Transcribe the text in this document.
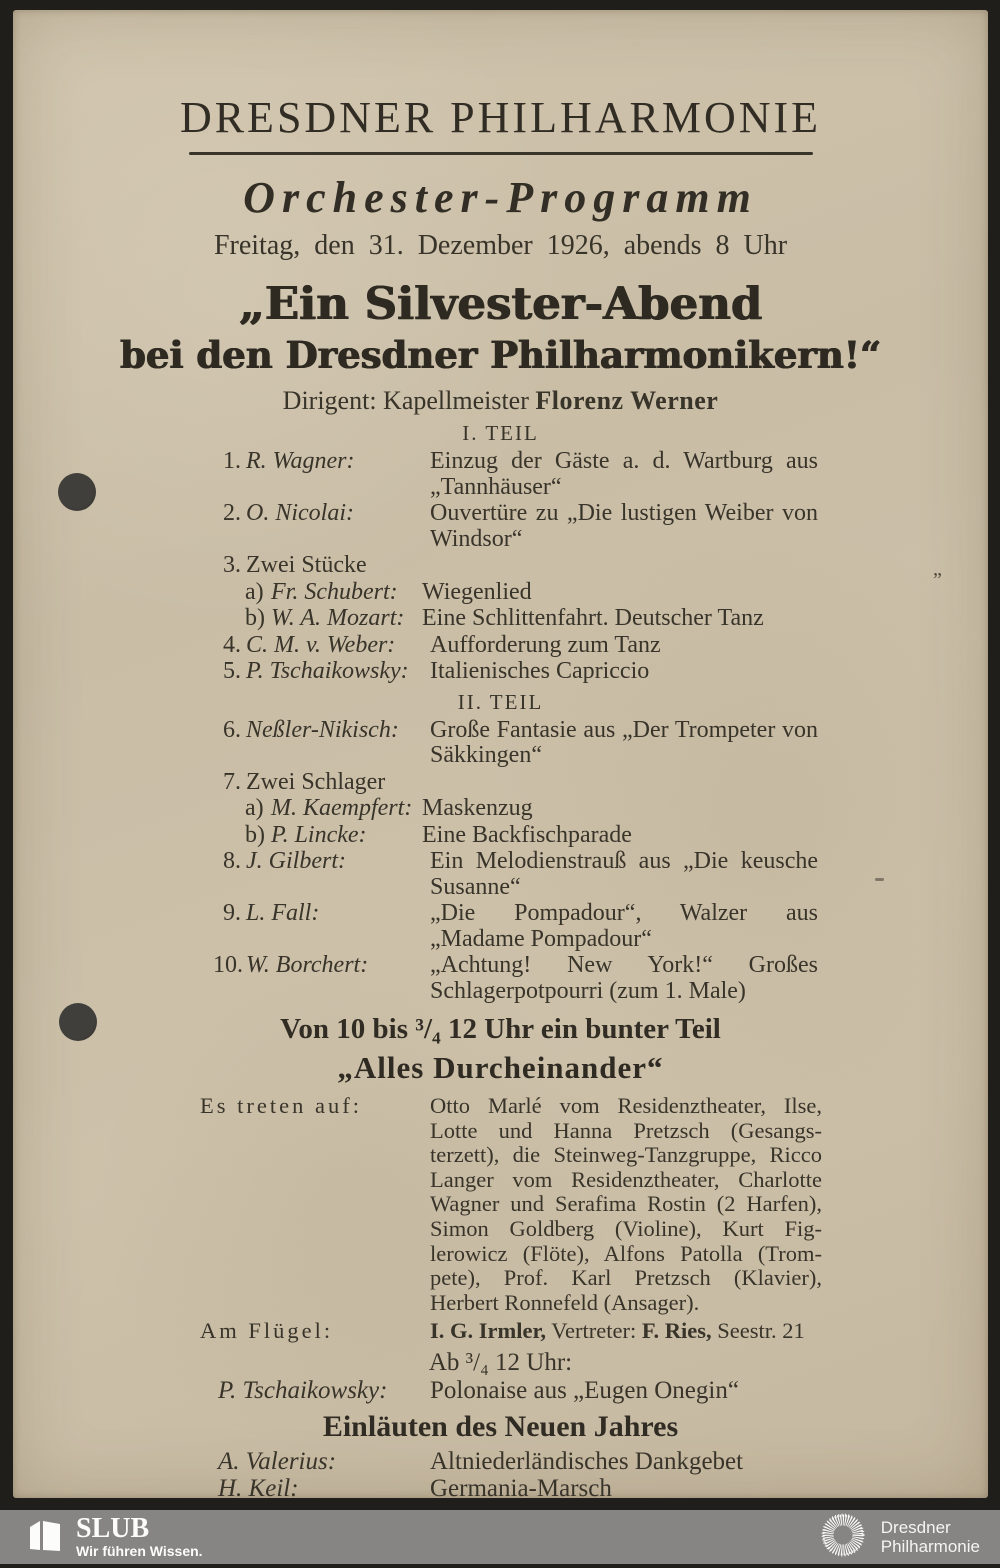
DRESDNER PHILHARMONIE
Orchester-Programm
Freitag, den 31. Dezember 1926, abends 8 Uhr
„Ein Silvester-Abend
bei den Dresdner Philharmonikern!“
Dirigent: Kapellmeister Florenz Werner
I. TEIL
1. R. Wagner:	Einzug der Gäste a. d. Wartburg aus „Tannhäuser“
2. O. Nicolai:	Ouvertüre zu „Die lustigen Weiber von Windsor“
3. Zwei Stücke
a) Fr. Schubert:	Wiegenlied
b) W. A. Mozart: Eine Schlittenfahrt. Deutscher Tanz
4. C. M. v. Weber:	Aufforderung zum Tanz
5. P. Tschaikowsky: Italienisches Capriccio
II. TEIL
6. Neßler-Nikisch:	Große Fantasie aus „Der Trompeter von Säkkingen“
7. Zwei Schlager
a) M. Kaempfert: Maskenzug
b) P. Lincke:	Eine Backfischparade
8. J. Gilbert:	Ein Melodienstrauß aus „Die keusche Susanne“
9. L. Fall:	„Die Pompadour“, Walzer aus „Madame Pompadour“
10. W. Borchert:	„Achtung! New York!“ Großes Schlagerpotpourri (zum 1. Male)
Von 10 bis ³/₄ 12 Uhr ein bunter Teil
„Alles Durcheinander“
Es treten auf:	Otto Marlé vom Residenztheater, Ilse,
Lotte und Hanna Pretzsch (Gesangs-
terzett), die Steinweg-Tanzgruppe, Ricco
Langer vom Residenztheater, Charlotte
Wagner und Serafima Rostin (2 Harfen),
Simon Goldberg (Violine), Kurt Fig-
lerowicz (Flöte), Alfons Patolla (Trom-
pete), Prof. Karl Pretzsch (Klavier),
Herbert Ronnefeld (Ansager).
Am Flügel:	I. G. Irmler, Vertreter: F. Ries, Seestr. 21
Ab ³/₄ 12 Uhr:
P. Tschaikowsky:	Polonaise aus „Eugen Onegin“
Einläuten des Neuen Jahres
A. Valerius:	Altniederländisches Dankgebet
H. Keil:	Germania-Marsch
„
SLUB
Wir führen Wissen.
Dresdner
Philharmonie
